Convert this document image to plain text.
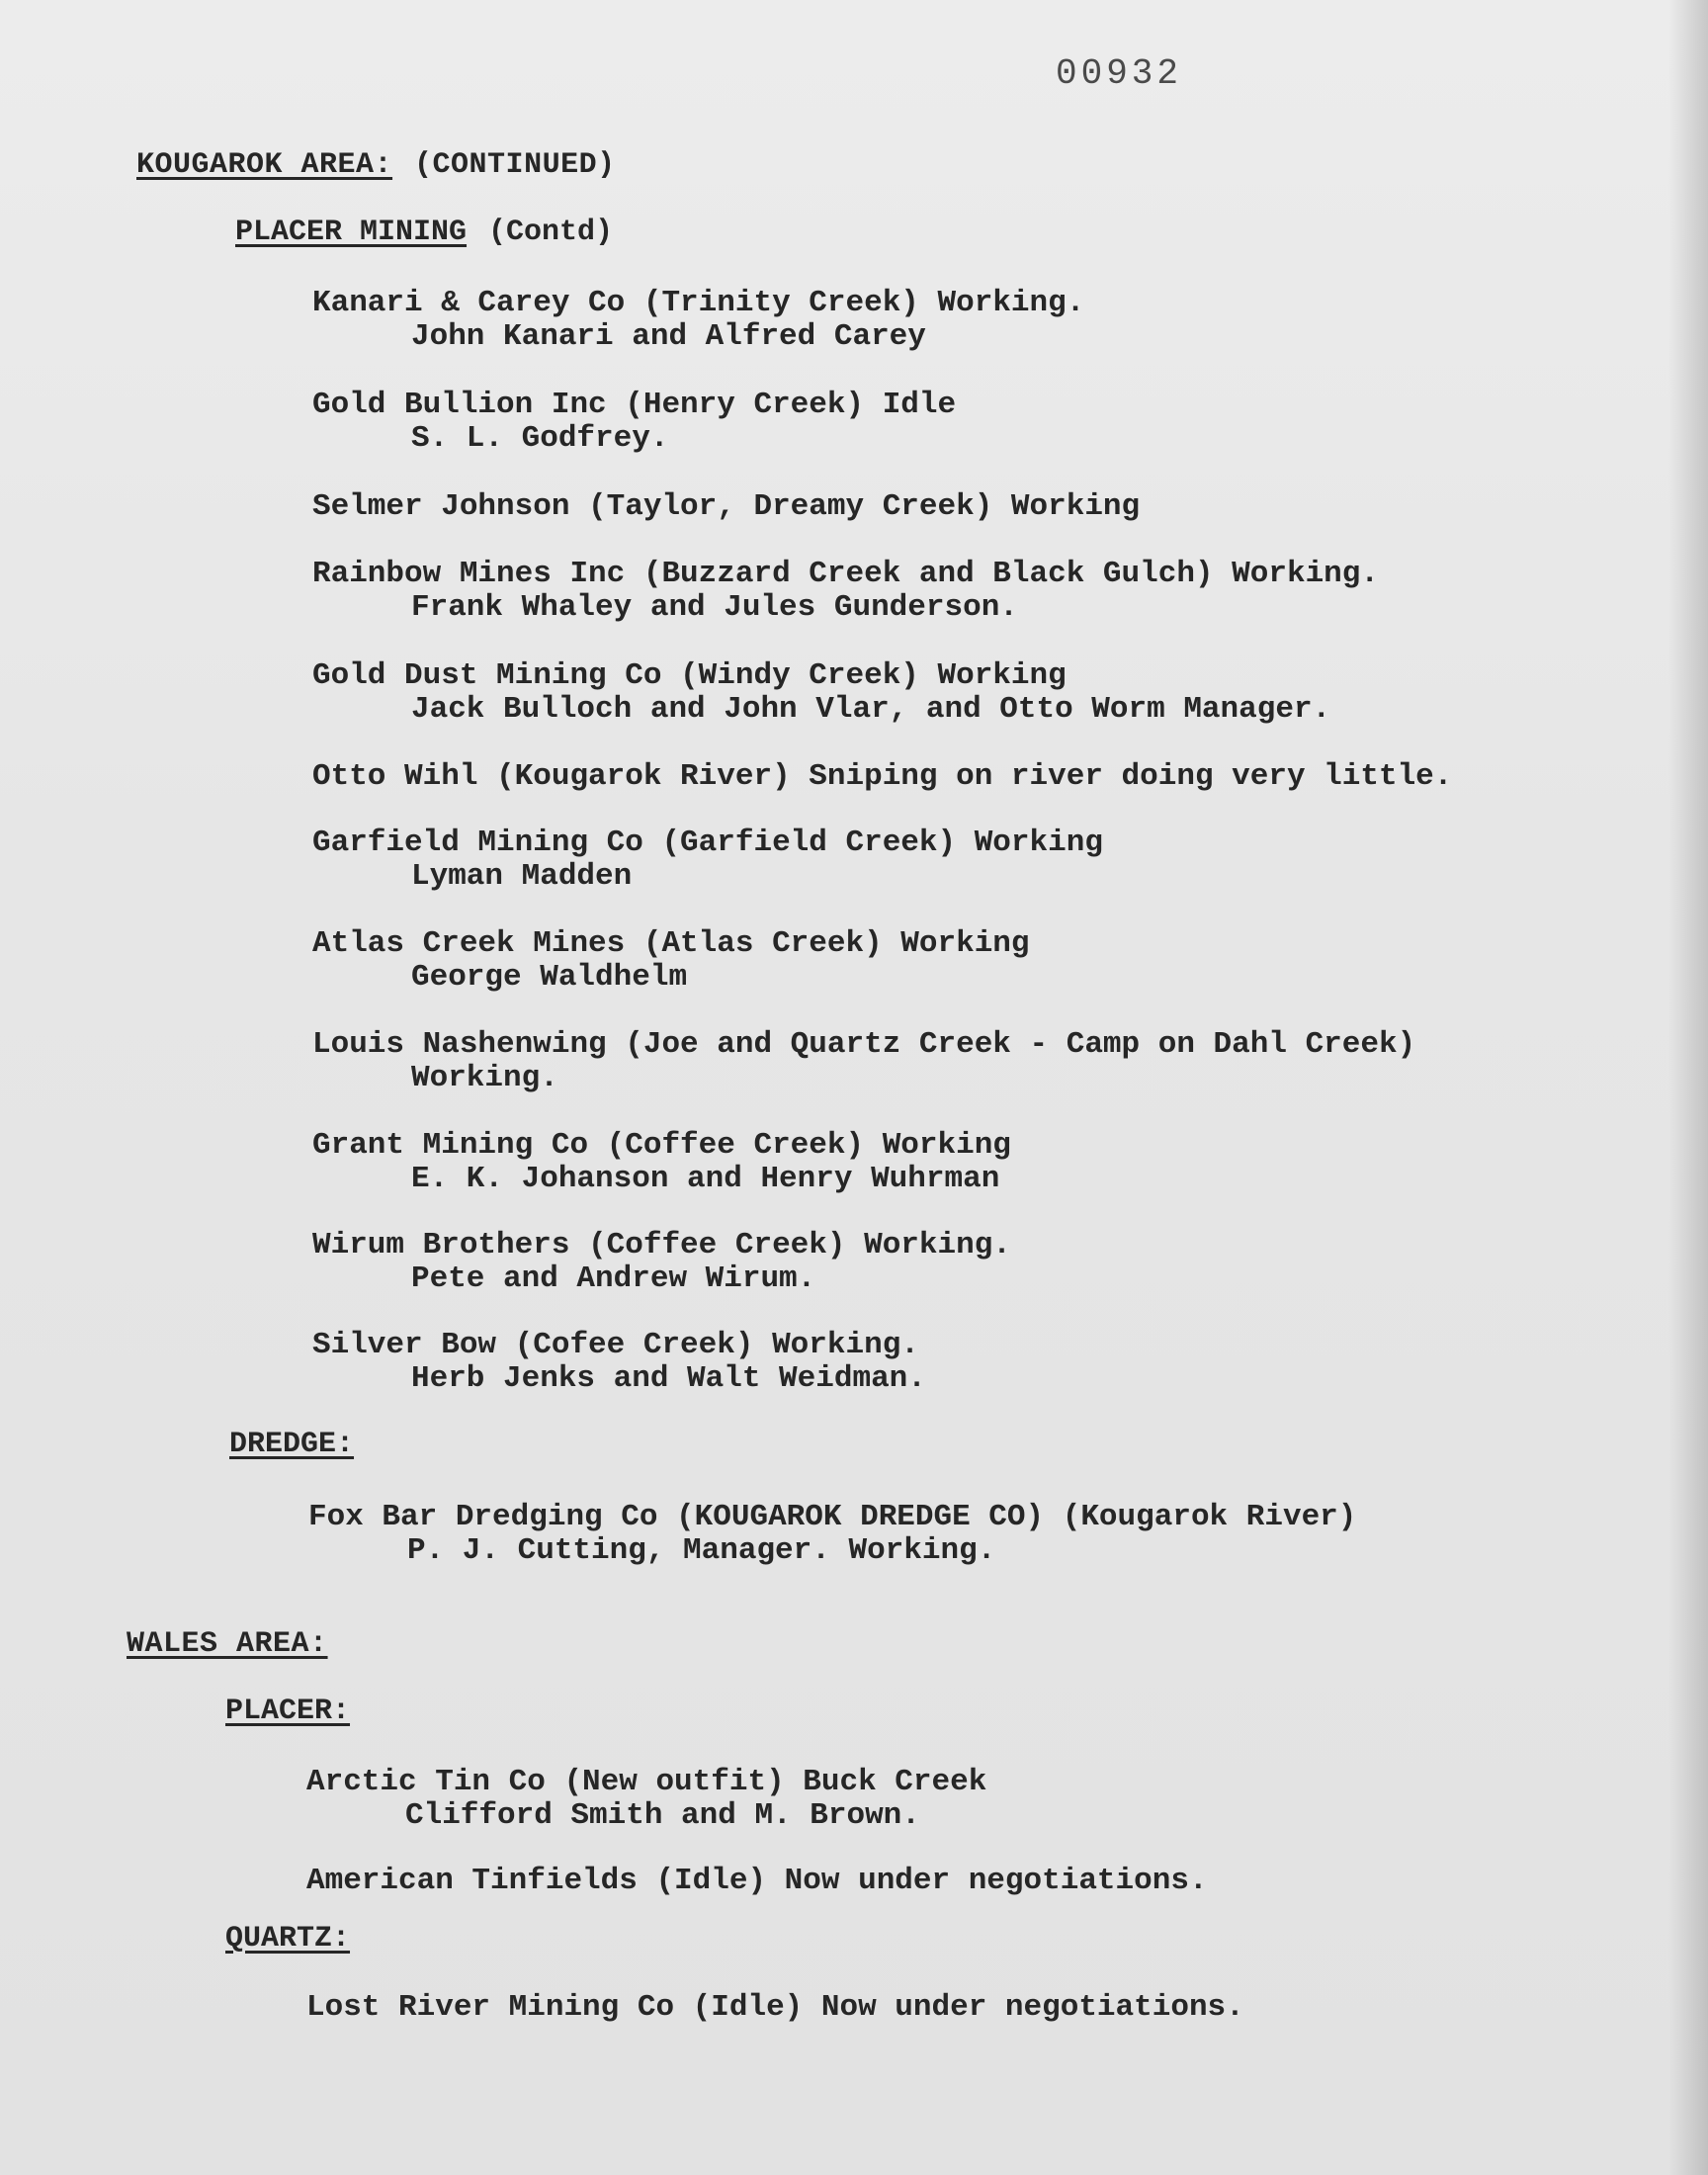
⁠00932
KOUGAROK AREA: (CONTINUED)
PLACER MINING (Contd)
Kanari & Carey Co (Trinity Creek) Working.
John Kanari and Alfred Carey
Gold Bullion Inc (Henry Creek) Idle
S. L. Godfrey.
Selmer Johnson (Taylor, Dreamy Creek) Working
Rainbow Mines Inc (Buzzard Creek and Black Gulch) Working.
Frank Whaley and Jules Gunderson.
Gold Dust Mining Co (Windy Creek) Working
Jack Bulloch and John Vlar, and Otto Worm Manager.
Otto Wihl (Kougarok River) Sniping on river doing very little.
Garfield Mining Co (Garfield Creek) Working
Lyman Madden
Atlas Creek Mines (Atlas Creek) Working
George Waldhelm
Louis Nashenwing (Joe and Quartz Creek - Camp on Dahl Creek)
Working.
Grant Mining Co (Coffee Creek) Working
E. K. Johanson and Henry Wuhrman
Wirum Brothers (Coffee Creek) Working.
Pete and Andrew Wirum.
Silver Bow (Cofee Creek) Working.
Herb Jenks and Walt Weidman.
DREDGE:
Fox Bar Dredging Co (KOUGAROK DREDGE CO) (Kougarok River)
P. J. Cutting, Manager. Working.
WALES AREA:
PLACER:
Arctic Tin Co (New outfit) Buck Creek
Clifford Smith and M. Brown.
American Tinfields (Idle) Now under negotiations.
QUARTZ:
Lost River Mining Co (Idle) Now under negotiations.
